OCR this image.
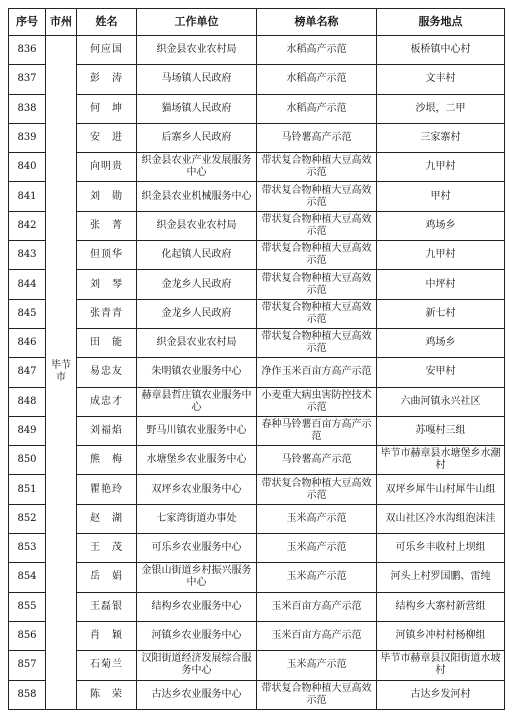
序号	市州	姓名	工作单位	榜单名称	服务地点
836	毕节市	何应国	织金县农业农村局	水稻高产示范	板桥镇中心村
837		彭　涛	马场镇人民政府	水稻高产示范	文丰村
838		何　坤	猫场镇人民政府	水稻高产示范	沙垠，二甲
839		安　进	后寨乡人民政府	马铃薯高产示范	三家寨村
840		向明贵	织金县农业产业发展服务中心	带状复合物种植大豆高效示范	九甲村
841		刘　勋	织金县农业机械服务中心	带状复合物种植大豆高效示范	甲村
842		张　菁	织金县农业农村局	带状复合物种植大豆高效示范	鸡场乡
843		但顶华	化起镇人民政府	带状复合物种植大豆高效示范	九甲村
844		刘　琴	金龙乡人民政府	带状复合物种植大豆高效示范	中坪村
845		张青青	金龙乡人民政府	带状复合物种植大豆高效示范	新七村
846		田　能	织金县农业农村局	带状复合物种植大豆高效示范	鸡场乡
847		易忠友	朱明镇农业服务中心	净作玉米百亩方高产示范	安甲村
848		成忠才	赫章县哲庄镇农业服务中心	小麦重大病虫害防控技术示范	六曲河镇永兴社区
849		刘福焰	野马川镇农业服务中心	春种马铃薯百亩方高产示范	苏嘎村三组
850		熊　梅	水塘堡乡农业服务中心	马铃薯高产示范	毕节市赫章县水塘堡乡水潮村
851		瞿艳玲	双坪乡农业服务中心	带状复合物种植大豆高效示范	双坪乡犀牛山村犀牛山组
852		赵　湖	七家湾街道办事处	玉米高产示范	双山社区冷水沟组泡沫洼
853		王　茂	可乐乡农业服务中心	玉米高产示范	可乐乡丰收村上坝组
854		岳　娟	金银山街道乡村振兴服务中心	玉米高产示范	河头上村罗国鹏、雷纯
855		王磊银	结构乡农业服务中心	玉米百亩方高产示范	结构乡大寨村新营组
856		肖　颖	河镇乡农业服务中心	玉米百亩方高产示范	河镇乡冲村村杨柳组
857		石菊兰	汉阳街道经济发展综合服务中心	玉米高产示范	毕节市赫章县汉阳街道水坡村
858		陈　荣	古达乡农业服务中心	带状复合物种植大豆高效示范	古达乡发河村
